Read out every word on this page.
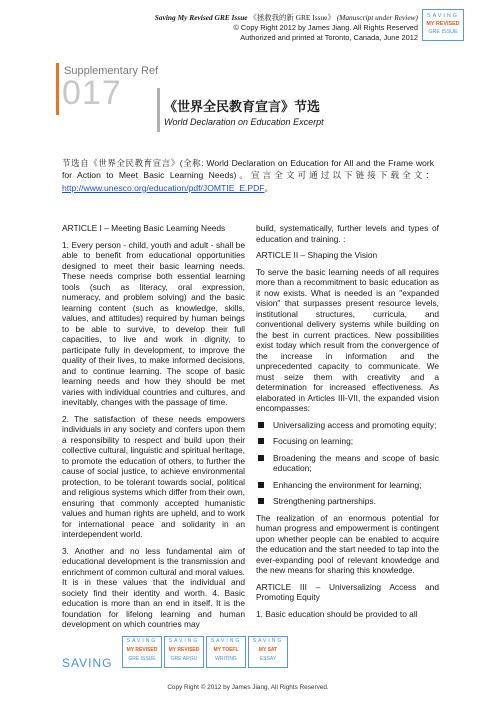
Saving My Revised GRE Issue 《拯救我的新 GRE Issue》 (Manuscript under Review)
© Copy Right 2012 by James Jiang. All Rights Reserved
Authorized and printed at Toronto, Canada, June 2012
SAVING
MY REVISED
GRE ISSUE
Supplementary Ref
017	《世界全民教育宣言》节选
World Declaration on Education Excerpt
节选自《世界全民教育宣言》(全称: World Declaration on Education for All and the Frame work for Action to Meet Basic Learning Needs)。宣言全文可通过以下链接下载全文：http://www.unesco.org/education/pdf/JOMTIE_E.PDF。

ARTICLE I – Meeting Basic Learning Needs

1. Every person - child, youth and adult - shall be able to benefit from educational opportunities designed to meet their basic learning needs. These needs comprise both essential learning tools (such as literacy, oral expression, numeracy, and problem solving) and the basic learning content (such as knowledge, skills, values, and attitudes) required by human beings to be able to survive, to develop their full capacities, to live and work in dignity, to participate fully in development, to improve the quality of their lives, to make informed decisions, and to continue learning. The scope of basic learning needs and how they should be met varies with individual countries and cultures, and inevitably, changes with the passage of time.

2. The satisfaction of these needs empowers individuals in any society and confers upon them a responsibility to respect and build upon their collective cultural, linguistic and spiritual heritage, to promote the education of others, to further the cause of social justice, to achieve environmental protection, to be tolerant towards social, political and religious systems which differ from their own, ensuring that commonly accepted humanistic values and human rights are upheld, and to work for international peace and solidarity in an interdependent world.

3. Another and no less fundamental aim of educational development is the transmission and enrichment of common cultural and moral values. It is in these values that the individual and society find their identity and worth. 4. Basic education is more than an end in itself. It is the foundation for lifelong learning and human development on which countries may

build, systematically, further levels and types of education and training. :

ARTICLE II – Shaping the Vision

To serve the basic learning needs of all requires more than a recommitment to basic education as it now exists. What is needed is an "expanded vision" that surpasses present resource levels, institutional structures, curricula, and conventional delivery systems while building on the best in current practices. New possibilities exist today which result from the convergence of the increase in information and the unprecedented capacity to communicate. We must seize them with creativity and a determination for increased effectiveness. As elaborated in Articles III-VII, the expanded vision encompasses:

Universalizing access and promoting equity;
Focusing on learning;
Broadening the means and scope of basic education;
Enhancing the environment for learning;
Strengthening partnerships.

The realization of an enormous potential for human progress and empowerment is contingent upon whether people can be enabled to acquire the education and the start needed to tap into the ever-expanding pool of relevant knowledge and the new means for sharing this knowledge.

ARTICLE III – Universalizing Access and Promoting Equity

1. Basic education should be provided to all

SAVING
SAVING
MY REVISED
GRE ISSUE
SAVING
MY REVISED
GRE ARGU
SAVING
MY TOEFL
WRITING
SAVING
MY SAT
ESSAY
Copy Right © 2012 by James Jiang, All Rights Reserved.
